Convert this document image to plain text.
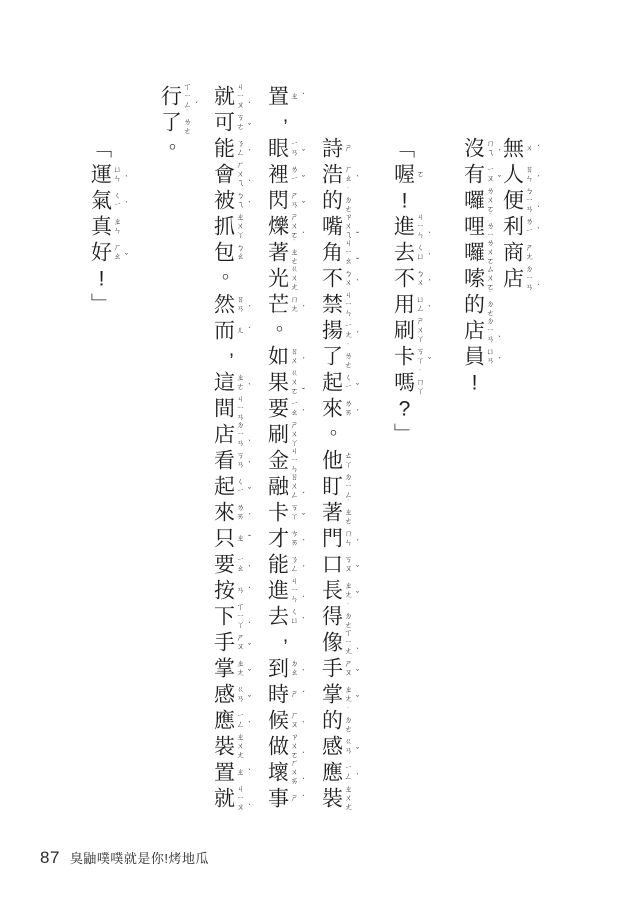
無 ㄨ ˊ
人 ㄖ
ㄣ ˊ
便 ㄅ
ㄧ
ㄢ ˋ
利 ㄌ
ㄧ ˋ
商 ㄕ
ㄤ
店 ㄉ
ㄧ
ㄢ ˋ
沒 ㄇ
ㄟ ˊ
有 ㄧ
ㄡ ˇ
囉 ㄌ
ㄨ
ㄛ
哩 ˙
ㄌ
ㄧ
囉 ㄌ
ㄨ
ㄛ
嗦 ㄙ
ㄨ
ㄛ
的 ˙
ㄉ
ㄜ
店 ㄉ
ㄧ
ㄢ ˋ
員 ㄩ
ㄢ ˊ
!
﹁
喔 ㄛ
!
進 ㄐ
ㄧ
ㄣ ˋ
去 ㄑ
ㄩ ˋ
不 ㄅ
ㄨ ˊ
用 ㄩ
ㄥ ˋ
刷 ㄕ
ㄨ
ㄚ
卡 ㄎ
ㄚ ˇ
嗎 ˙
ㄇ
ㄚ
?
﹂
詩 ㄕ
浩 ㄏ
ㄠ ˋ
的 ˙
ㄉ
ㄜ
嘴 ㄗ
ㄨ
ㄟ ˇ
角 ㄐ
ㄧ
ㄠ ˇ
不 ㄅ
ㄨ ˋ
禁 ㄐ
ㄧ
ㄣ
揚 ㄧ
ㄤ ˊ
了 ˙
ㄌ
ㄜ
起 ㄑ
ㄧ ˇ
來 ㄌ
ㄞ ˊ
。
他 ㄊ
ㄚ
盯 ㄉ
ㄧ
ㄥ
著 ˙
ㄓ
ㄜ
門 ㄇ
ㄣ ˊ
口 ㄎ
ㄡ ˇ
長 ㄓ
ㄤ ˇ
得 ˙
ㄉ
ㄜ
像 ㄒ
ㄧ
ㄤ ˋ
手 ㄕ
ㄡ ˇ
掌 ㄓ
ㄤ ˇ
的 ˙
ㄉ
ㄜ
感 ㄍ
ㄢ ˇ
應 ㄧ
ㄥ ˋ
裝 ㄓ
ㄨ
ㄤ
置 ㄓ ˋ
,
眼 ㄧ
ㄢ ˇ
裡 ㄌ
ㄧ ˇ
閃 ㄕ
ㄢ ˇ
爍 ㄕ
ㄨ
ㄛ ˋ
著 ˙
ㄓ
ㄜ
光 ㄍ
ㄨ
ㄤ
芒 ㄇ
ㄤ ˊ
。
如 ㄖ
ㄨ ˊ
果 ㄍ
ㄨ
ㄛ ˇ
要 ㄧ
ㄠ ˋ
刷 ㄕ
ㄨ
ㄚ
金 ㄐ
ㄧ
ㄣ
融 ㄖ
ㄨ
ㄥ ˊ
卡 ㄎ
ㄚ ˇ
才 ㄘ
ㄞ ˊ
能 ㄋ
ㄥ ˊ
進 ㄐ
ㄧ
ㄣ ˋ
去 ㄑ
ㄩ ˋ
,
到 ㄉ
ㄠ ˋ
時 ㄕ ˊ
候 ㄏ
ㄡ ˋ
做 ㄗ
ㄨ
ㄛ ˋ
壞 ㄏ
ㄨ
ㄞ ˋ
事 ㄕ ˋ
就 ㄐ
ㄧ
ㄡ ˋ
可 ㄎ
ㄜ ˇ
能 ㄋ
ㄥ ˊ
會 ㄏ
ㄨ
ㄟ ˋ
被 ㄅ
ㄟ ˋ
抓 ㄓ
ㄨ
ㄚ
包 ㄅ
ㄠ
。
然 ㄖ
ㄢ ˊ
而 ㄦ ˊ
,
這 ㄓ
ㄜ ˋ
間 ㄐ
ㄧ
ㄢ
店 ㄉ
ㄧ
ㄢ ˋ
看 ㄎ
ㄢ ˋ
起 ㄑ
ㄧ ˇ
來 ㄌ
ㄞ ˊ
只 ㄓ ˇ
要 ㄧ
ㄠ ˋ
按 ㄢ ˋ
下 ㄒ
ㄧ
ㄚ ˋ
手 ㄕ
ㄡ ˇ
掌 ㄓ
ㄤ ˇ
感 ㄍ
ㄢ ˇ
應 ㄧ
ㄥ ˋ
裝 ㄓ
ㄨ
ㄤ
置 ㄓ ˋ
就 ㄐ
ㄧ
ㄡ ˋ
行 ㄒ
ㄧ
ㄥ ˊ
了 ˙
ㄌ
ㄜ
。
﹁
運 ㄩ
ㄣ ˋ
氣 ㄑ
ㄧ ˋ
真 ㄓ
ㄣ
好 ㄏ
ㄠ ˇ
!
﹂
87 臭鼬噗噗就是你!烤地瓜
